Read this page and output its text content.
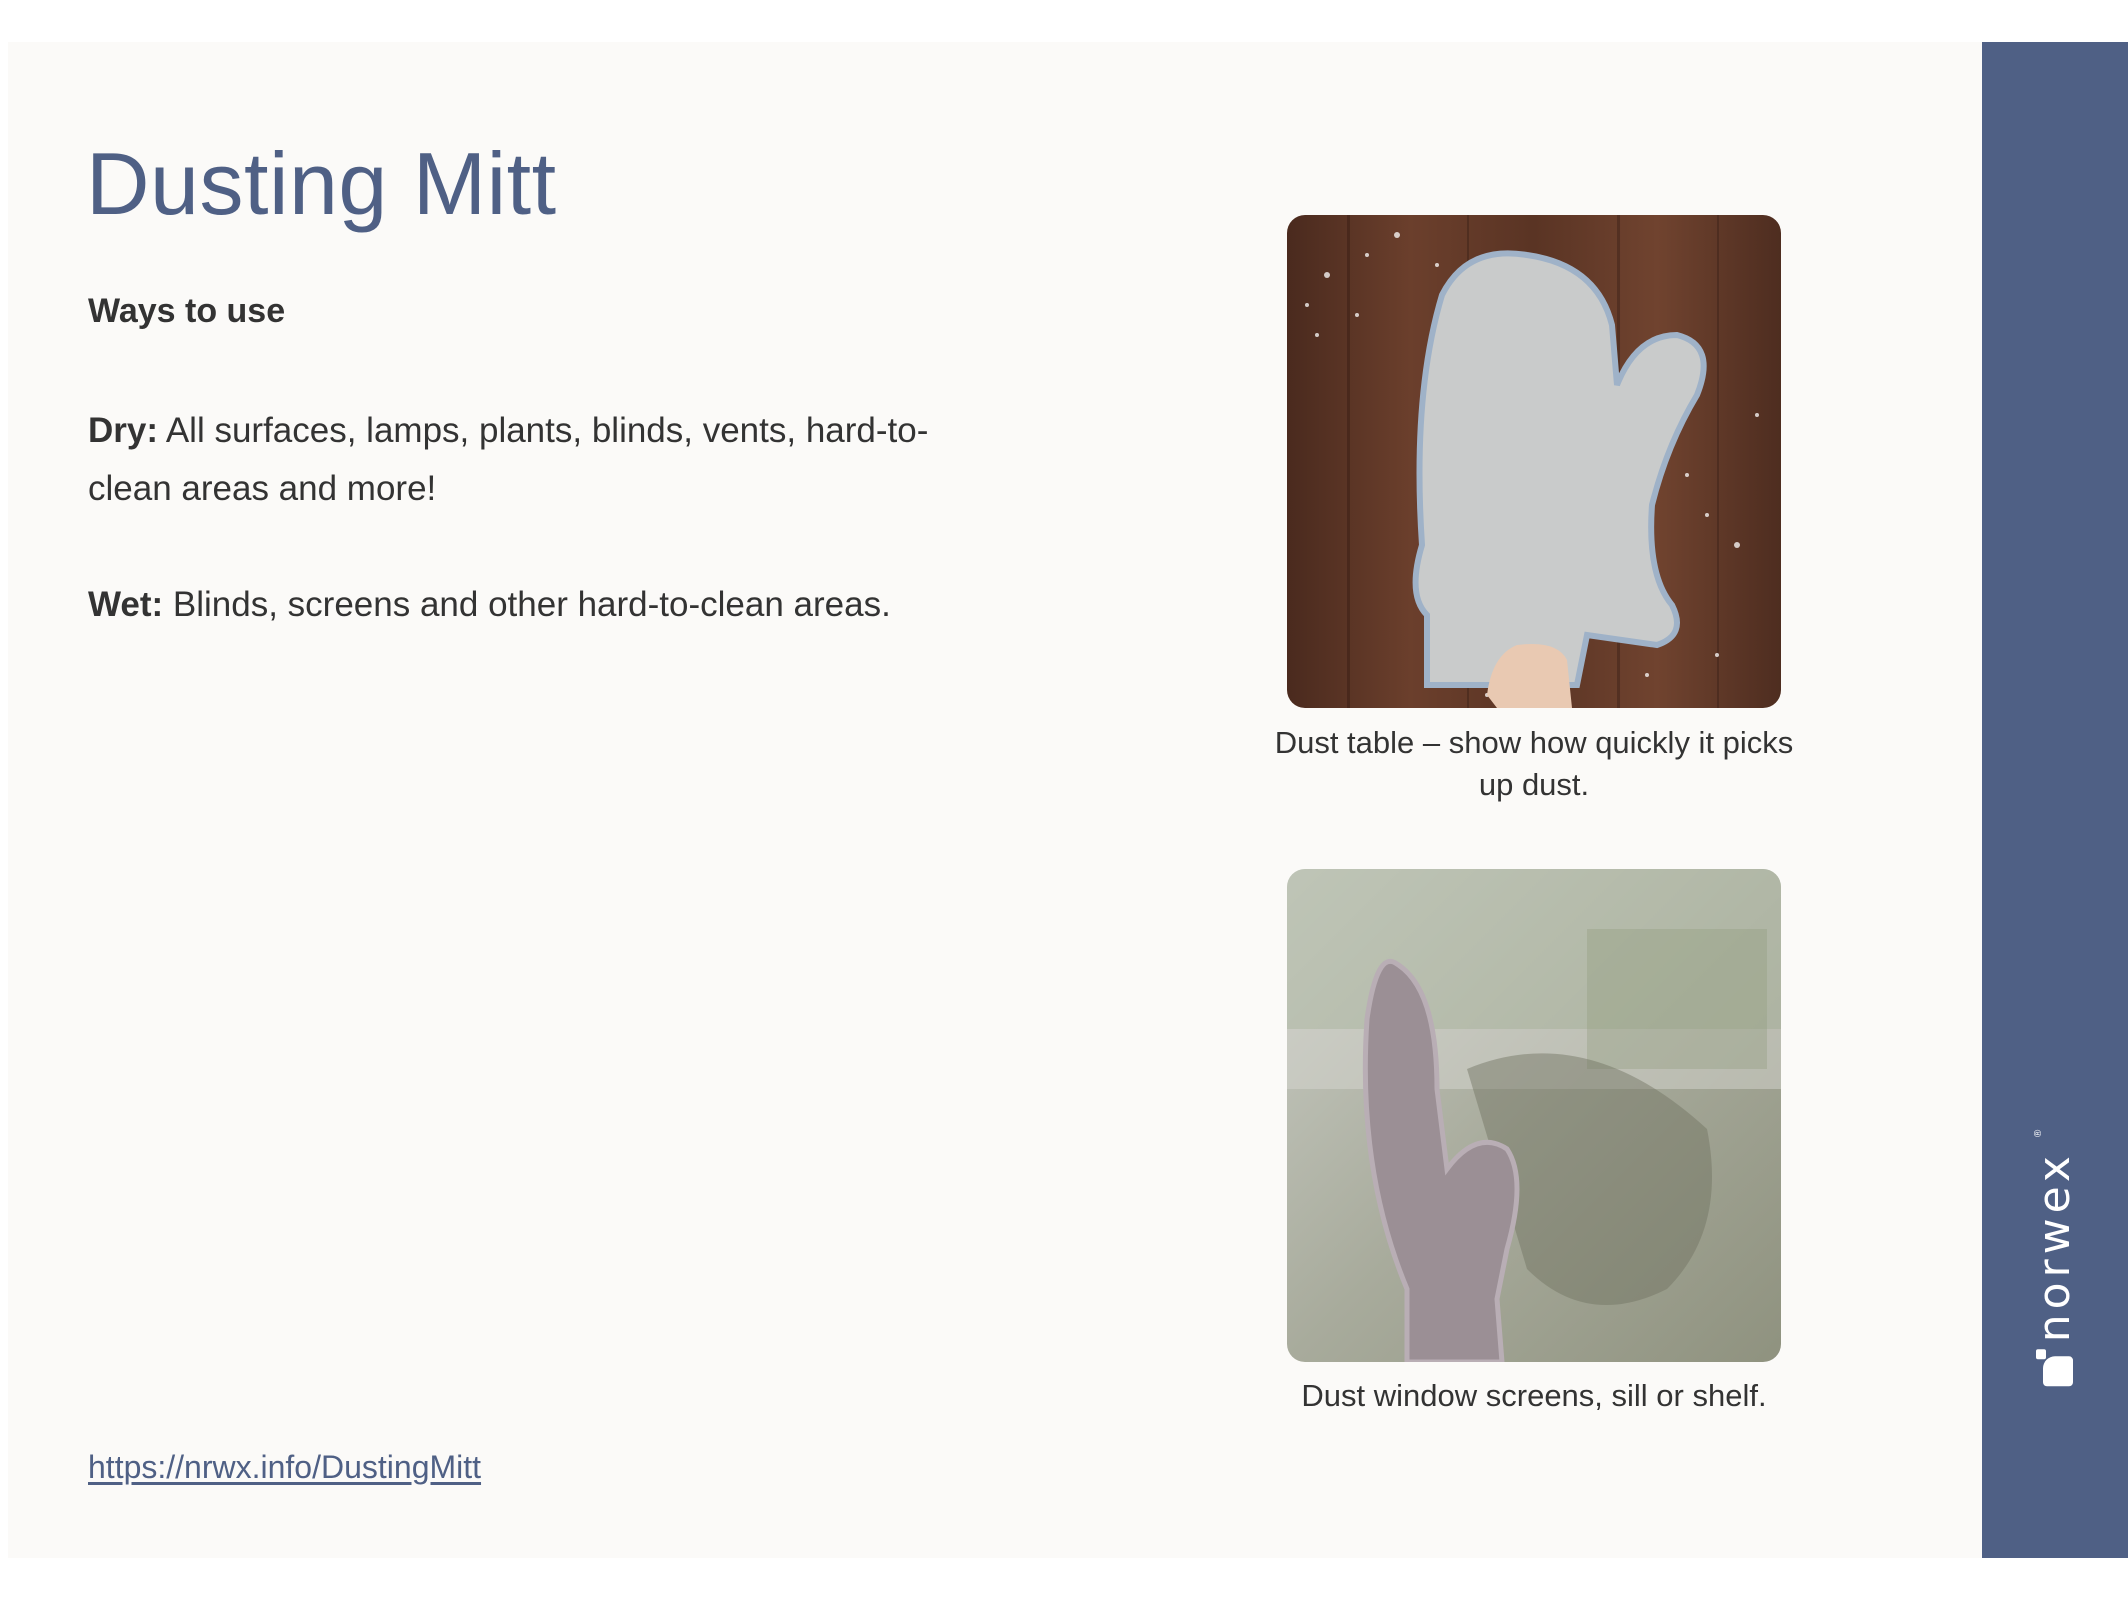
norwex
®
Dusting Mitt
Ways to use

Dry: All surfaces, lamps, plants, blinds, vents, hard-to-clean areas and more!

Wet: Blinds, screens and other hard-to-clean areas.

Dust table – show how quickly it picks up dust.
Dust window screens, sill or shelf.
https://nrwx.info/DustingMitt
